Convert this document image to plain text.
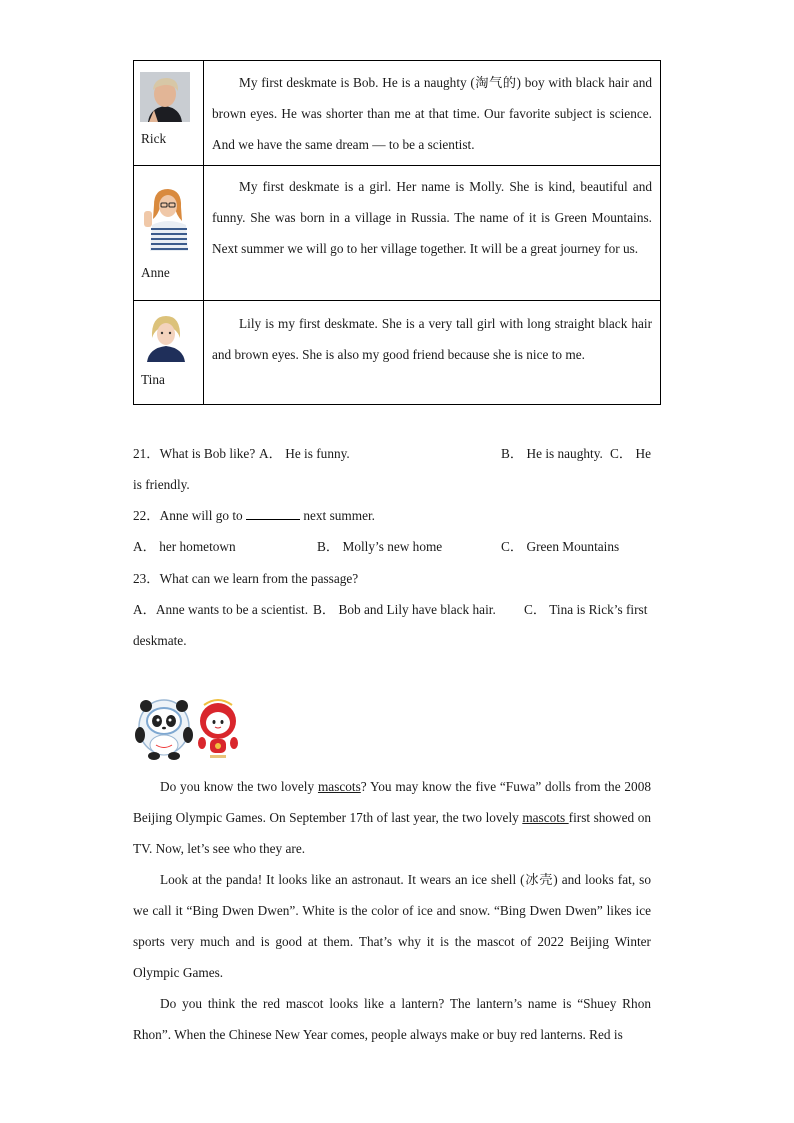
Rick	My first deskmate is Bob. He is a naughty (淘气的) boy with black hair and brown eyes. He was shorter than me at that time. Our favorite subject is science. And we have the same dream — to be a scientist.

Anne	My first deskmate is a girl. Her name is Molly. She is kind, beautiful and funny. She was born in a village in Russia. The name of it is Green Mountains. Next summer we will go to her village together. It will be a great journey for us.

Tina	Lily is my first deskmate. She is a very tall girl with long straight black hair and brown eyes. She is also my good friend because she is nice to me.

21．What is Bob like? A． He is funny.	B． He is naughty. C． He
is friendly.
22．Anne will go to	next summer.
A． her hometown	B． Molly’s new home	C． Green Mountains
23．What can we learn from the passage?
A．Anne wants to be a scientist. B． Bob and Lily have black hair. C． Tina is Rick’s first
deskmate.

Do you know the two lovely mascots? You may know the five “Fuwa” dolls from the 2008 Beijing Olympic Games. On September 17th of last year, the two lovely mascots first showed on TV. Now, let’s see who they are.

Look at the panda! It looks like an astronaut. It wears an ice shell (冰壳) and looks fat, so we call it “Bing Dwen Dwen”. White is the color of ice and snow. “Bing Dwen Dwen” likes ice sports very much and is good at them. That’s why it is the mascot of 2022 Beijing Winter Olympic Games.

Do you think the red mascot looks like a lantern? The lantern’s name is “Shuey Rhon Rhon”. When the Chinese New Year comes, people always make or buy red lanterns. Red is
